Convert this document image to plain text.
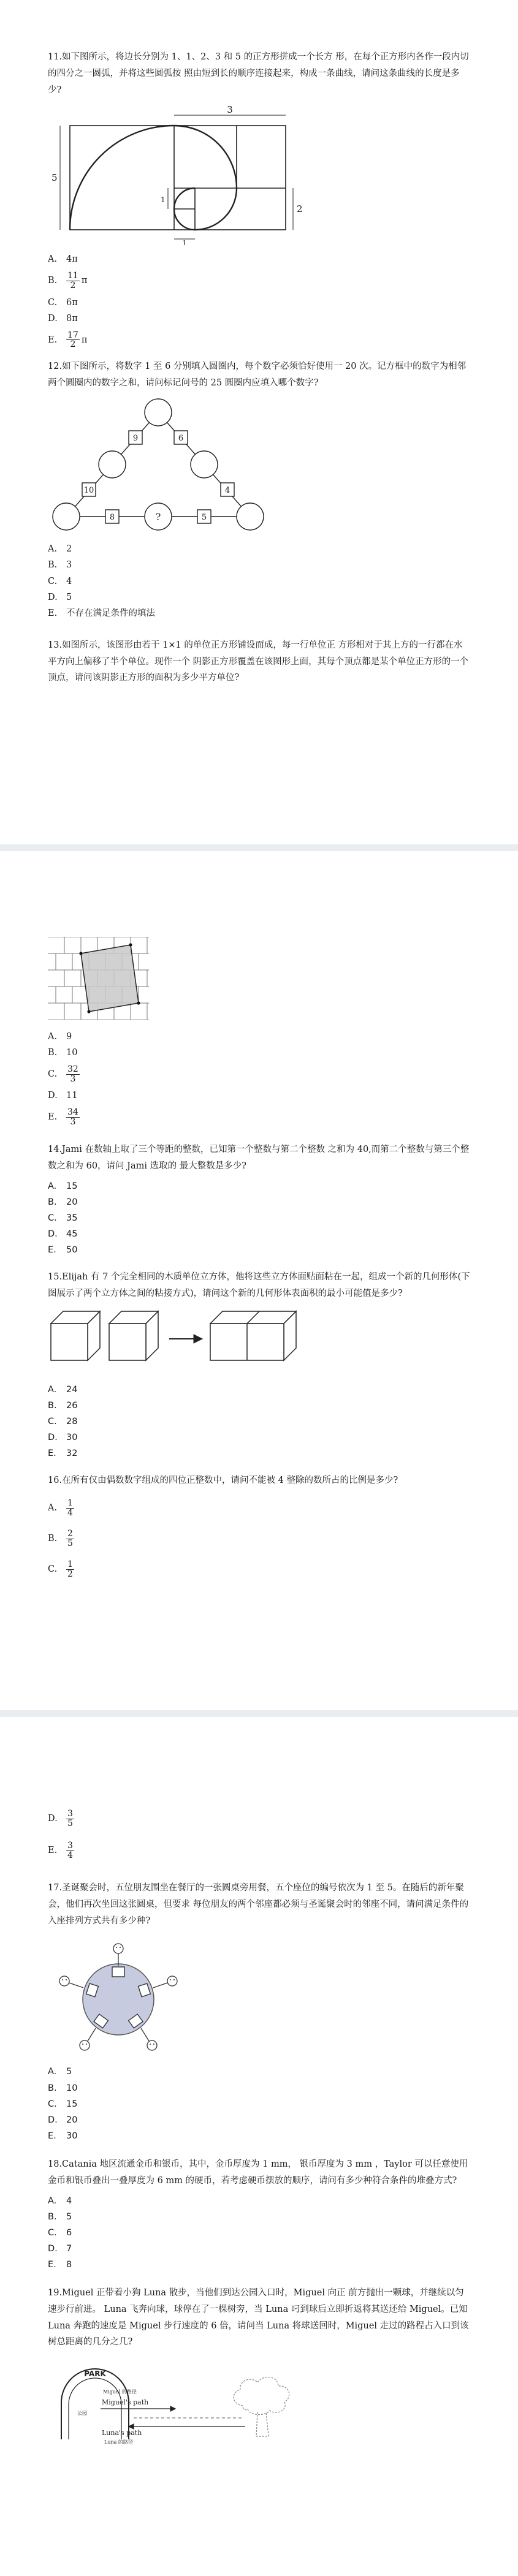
11.如下图所示，将边长分别为 1、1、2、3 和 5 的正方形拼成一个长方 形，在每个正方形内各作一段内切的四分之一圆弧，并将这些圆弧按 照由短到长的顺序连接起来，构成一条曲线，请问这条曲线的长度是多少?

3
5
1
2
1
A.	4π
B.	$\frac{11}{2}$ π
C.	6π
D. 8π
E.	$\frac{17}{2}$ π

12.如下图所示，将数字 1 至 6 分别填入圆圈内，每个数字必须恰好使用一 20 次。记方框中的数字为相邻两个圆圈内的数字之和，请问标记问号的 25 圆圈内应填入哪个数字?

9	6
10	4
8	?	5
A.	2
B.	3
C.	4
D. 5
E.	不存在满足条件的填法

13.如图所示，该图形由若干 1×1 的单位正方形铺设而成，每一行单位正 方形相对于其上方的一行都在水平方向上偏移了半个单位。现作一个 阴影正方形覆盖在该图形上面，其每个顶点都是某个单位正方形的一个顶点，请问该阴影正方形的面积为多少平方单位?

A.	9
B.	10
C.	$\frac{32}{3}$
D. 11
E.	$\frac{34}{3}$

14.Jami 在数轴上取了三个等距的整数，已知第一个整数与第二个整数 之和为 40,而第二个整数与第三个整数之和为 60，请问 Jami 选取的 最大整数是多少?

A.	15
B.	20
C.	35
D. 45
E.	50

15.Elijah 有 7 个完全相同的木质单位立方体，他将这些立方体面贴面粘在一起，组成一个新的几何形体(下图展示了两个立方体之间的粘接方式)，请问这个新的几何形体表面积的最小可能值是多少?

A.	24
B.	26
C.	28
D. 30
E.	32

16.在所有仅由偶数数字组成的四位正整数中，请问不能被 4 整除的数所占的比例是多少?

A.	$\frac{1}{4}$
B.	$\frac{2}{5}$
C.	$\frac{1}{2}$
D.	$\frac{3}{5}$
E.	$\frac{3}{4}$

17.圣诞聚会时，五位朋友围坐在餐厅的一张圆桌旁用餐，五个座位的编号依次为 1 至 5。在随后的新年聚会，他们再次坐回这张圆桌，但要求 每位朋友的两个邻座都必须与圣诞聚会时的邻座不同，请问满足条件的入座排列方式共有多少种?

A.	5
B.	10
C.	15
D. 20
E.	30

18.Catania 地区流通金币和银币，其中，金币厚度为 1 mm， 银币厚度为 3 mm ，Taylor 可以任意使用金币和银币叠出一叠厚度为 6 mm 的硬币，若考虑硬币摆放的顺序，请问有多少种符合条件的堆叠方式?

A.	4
B.	5
C.	6
D. 7
E.	8

19.Miguel 正带着小狗 Luna 散步，当他们到达公园入口时，Miguel 向正 前方抛出一颗球，并继续以匀速步行前进。 Luna 飞奔向球，球停在了一棵树旁，当 Luna 叼到球后立即折返将其送还给 Miguel。已知 Luna 奔跑的速度是 Miguel 步行速度的 6 倍，请问当 Luna 将球送回时，Miguel 走过的路程占入口到该树总距离的几分之几?

PARK
公园
Miguel 的路径
Miguel's path
Luna's path
Luna 的路径
